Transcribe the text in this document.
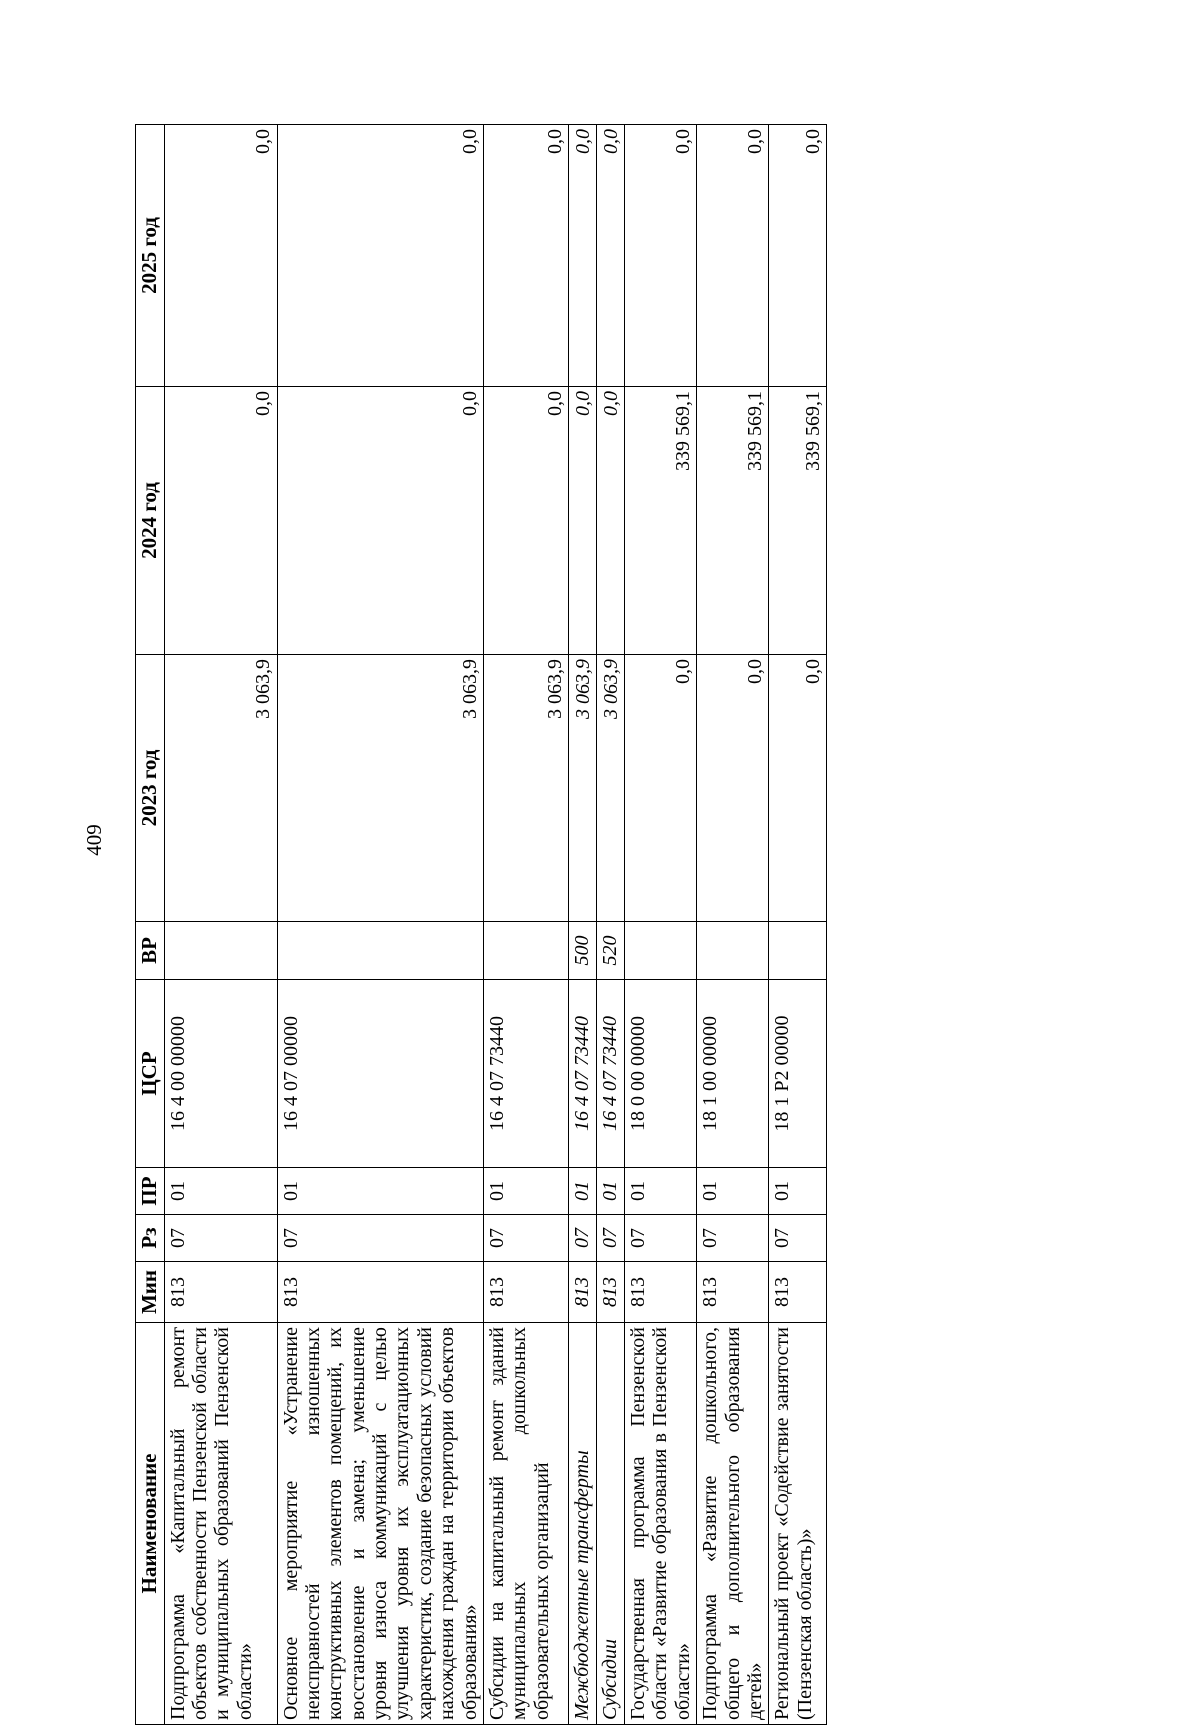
409
Наименование	Мин	Рз	ПР	ЦСР	ВР	2023 год	2024 год	2025 год
Подпрограмма «Капитальный ремонт объектов собственности Пензенской области и муниципальных образований Пензенской области»	813	07	01	16 4 00 00000		3 063,9	0,0	0,0
Основное мероприятие «Устранение неисправностей изношенных конструктивных элементов помещений, их восстановление и замена; уменьшение уровня износа коммуникаций с целью улучшения уровня их эксплуатационных характеристик, создание безопасных условий нахождения граждан на территории объектов образования»	813	07	01	16 4 07 00000		3 063,9	0,0	0,0
Субсидии на капитальный ремонт зданий муниципальных дошкольных образовательных организаций	813	07	01	16 4 07 73440		3 063,9	0,0	0,0
Межбюджетные трансферты	813	07	01	16 4 07 73440	500	3 063,9	0,0	0,0
Субсидии	813	07	01	16 4 07 73440	520	3 063,9	0,0	0,0
Государственная программа Пензенской области «Развитие образования в Пензенской области»	813	07	01	18 0 00 00000		0,0	339 569,1	0,0
Подпрограмма «Развитие дошкольного, общего и дополнительного образования детей»	813	07	01	18 1 00 00000		0,0	339 569,1	0,0
Региональный проект «Содействие занятости (Пензенская область)»	813	07	01	18 1 P2 00000		0,0	339 569,1	0,0
